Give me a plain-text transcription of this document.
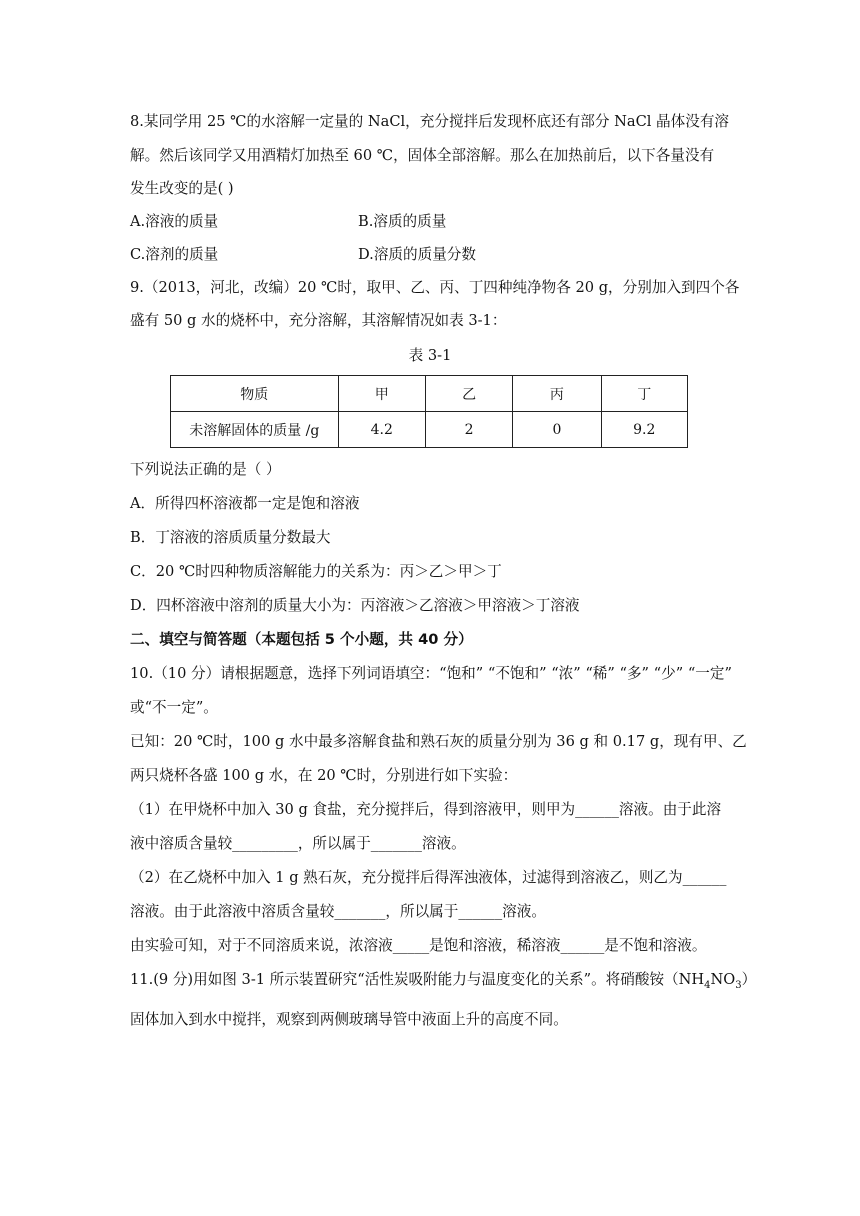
8.某同学用 25 ℃的水溶解一定量的 NaCl，充分搅拌后发现杯底还有部分 NaCl 晶体没有溶
解。然后该同学又用酒精灯加热至 60 ℃，固体全部溶解。那么在加热前后，以下各量没有
发生改变的是( )
A.溶液的质量	B.溶质的质量
C.溶剂的质量	D.溶质的质量分数
9.（2013，河北，改编）20 ℃时，取甲、乙、丙、丁四种纯净物各 20 g，分别加入到四个各
盛有 50 g 水的烧杯中，充分溶解，其溶解情况如表 3-1：
表 3-1
物质	甲	乙	丙	丁
未溶解固体的质量 /g	4.2	2	0	9.2
下列说法正确的是（ ）
A．所得四杯溶液都一定是饱和溶液
B．丁溶液的溶质质量分数最大
C．20 ℃时四种物质溶解能力的关系为：丙＞乙＞甲＞丁
D．四杯溶液中溶剂的质量大小为：丙溶液＞乙溶液＞甲溶液＞丁溶液
二、填空与简答题（本题包括 5 个小题，共 40 分）
10.（10 分）请根据题意，选择下列词语填空：“饱和” “不饱和” “浓” “稀” “多” “少” “一定”
或“不一定”。
已知：20 ℃时，100 g 水中最多溶解食盐和熟石灰的质量分别为 36 g 和 0.17 g，现有甲、乙
两只烧杯各盛 100 g 水，在 20 ℃时，分别进行如下实验：
（1）在甲烧杯中加入 30 g 食盐，充分搅拌后，得到溶液甲，则甲为______溶液。由于此溶
液中溶质含量较_________，所以属于_______溶液。
（2）在乙烧杯中加入 1 g 熟石灰，充分搅拌后得浑浊液体，过滤得到溶液乙，则乙为______
溶液。由于此溶液中溶质含量较_______，所以属于______溶液。
由实验可知，对于不同溶质来说，浓溶液_____是饱和溶液，稀溶液______是不饱和溶液。
11.(9 分)用如图 3-1 所示装置研究“活性炭吸附能力与温度变化的关系”。将硝酸铵$(NH_4NO_3)$
固体加入到水中搅拌，观察到两侧玻璃导管中液面上升的高度不同。
